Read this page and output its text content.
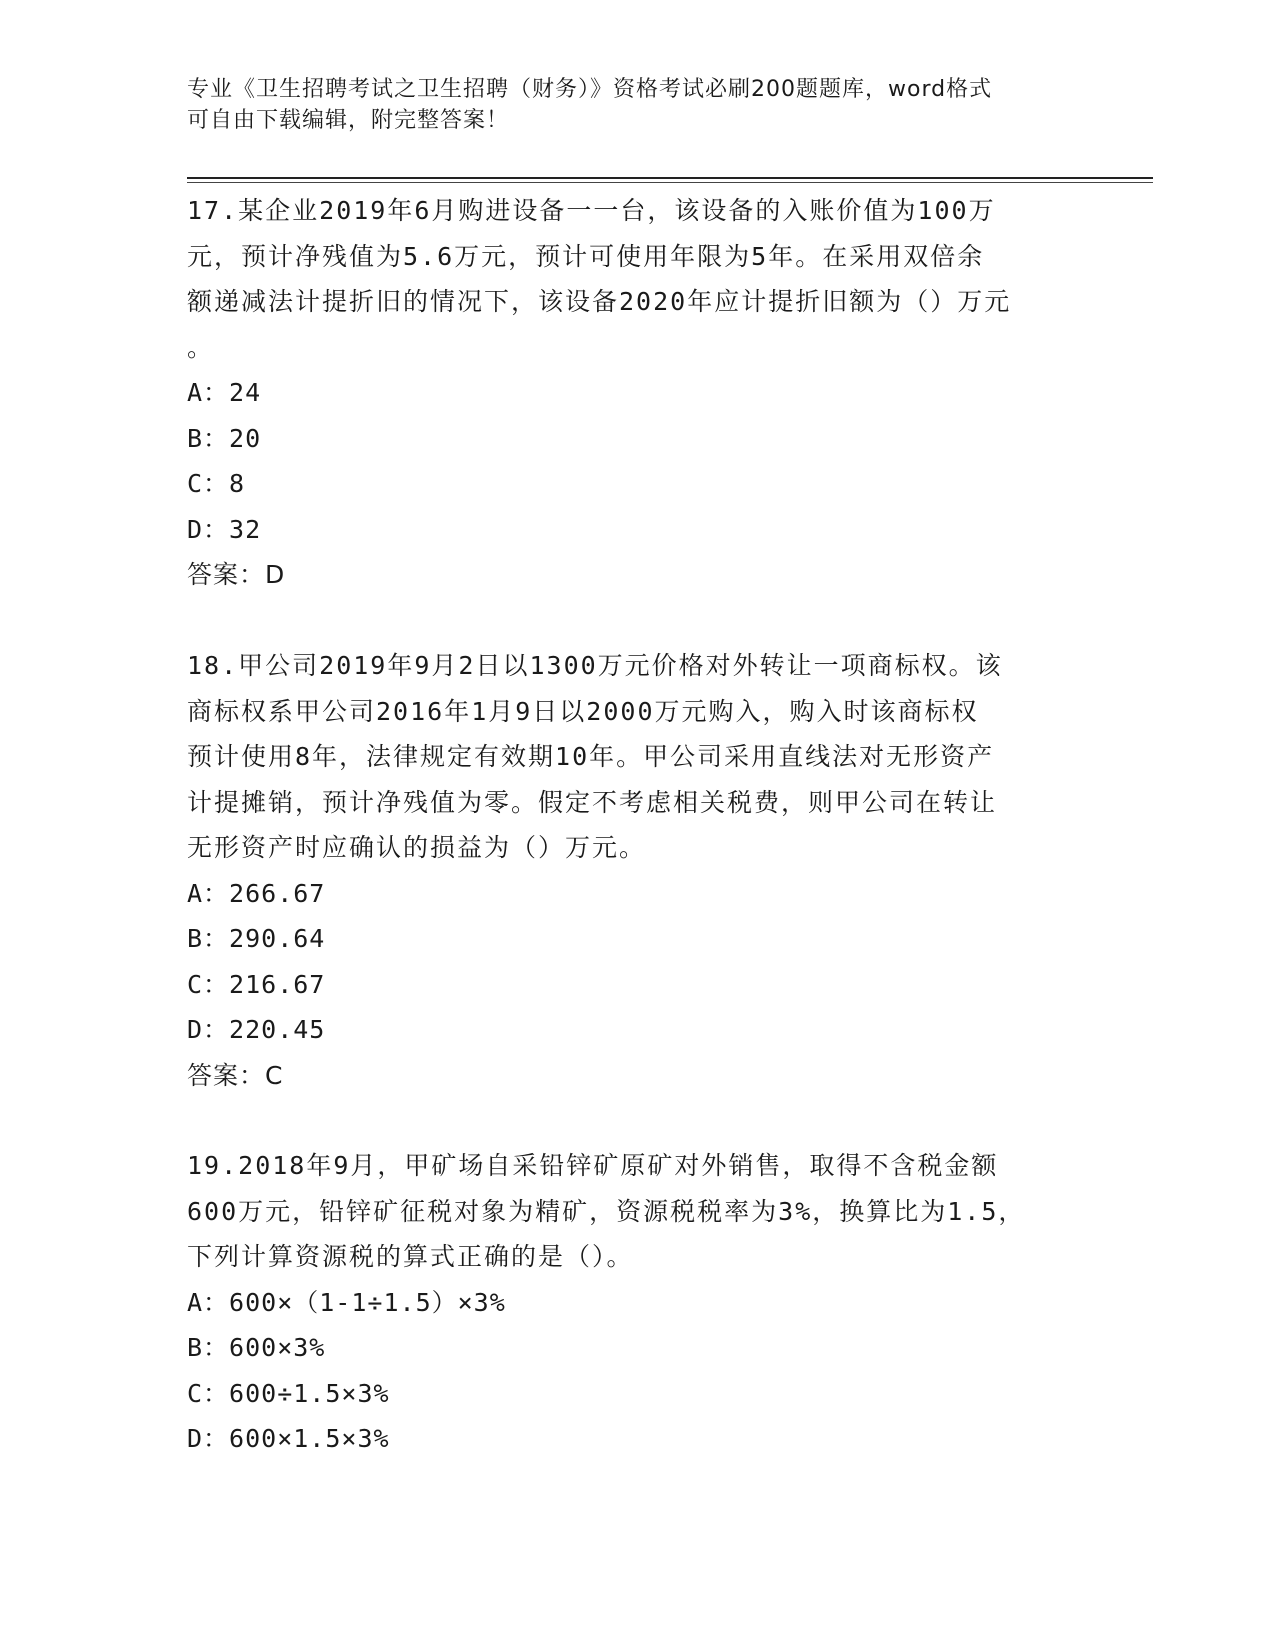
专业《卫生招聘考试之卫生招聘（财务）》资格考试必刷200题题库，word格式
可自由下载编辑，附完整答案！

17.某企业2019年6月购进设备一一台，该设备的入账价值为100万

元，预计净残值为5.6万元，预计可使用年限为5年。在采用双倍余

额递减法计提折旧的情况下，该设备2020年应计提折旧额为（）万元

。

A：24

B：20

C：8

D：32

答案：D

18.甲公司2019年9月2日以1300万元价格对外转让一项商标权。该

商标权系甲公司2016年1月9日以2000万元购入，购入时该商标权

预计使用8年，法律规定有效期10年。甲公司采用直线法对无形资产

计提摊销，预计净残值为零。假定不考虑相关税费，则甲公司在转让

无形资产时应确认的损益为（）万元。

A：266.67

B：290.64

C：216.67

D：220.45

答案：C

19.2018年9月，甲矿场自采铅锌矿原矿对外销售，取得不含税金额

600万元，铅锌矿征税对象为精矿，资源税税率为3%，换算比为1.5，

下列计算资源税的算式正确的是（）。

A：600×（1-1÷1.5）×3%

B：600×3%

C：600÷1.5×3%

D：600×1.5×3%
